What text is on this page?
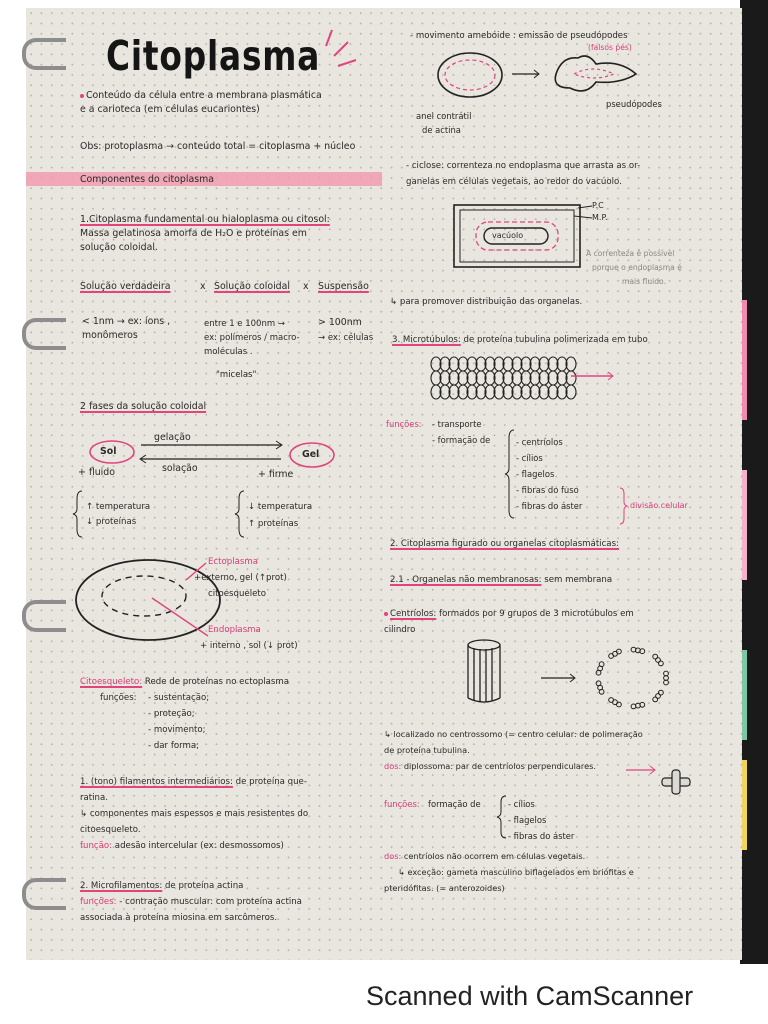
Citoplasma
Conteúdo da célula entre a membrana plasmática
e a carioteca (em células eucariontes)
Obs: protoplasma → conteúdo total = citoplasma + núcleo
Componentes do citoplasma
1.Citoplasma fundamental ou hialoplasma ou citosol:
Massa gelatinosa amorfa de H₂O e proteínas em
solução coloidal.
Solução verdadeira	x Solução coloidal x Suspensão
< 1nm → ex: íons ,
monômeros
entre 1 e 100nm →
ex: polímeros / macro-
moléculas .
"micelas"
> 100nm
→ ex: células
2 fases da solução coloidal
gelação
solação
Sol	Gel
+ fluido	+ firme
↑ temperatura
↓ proteínas
↓ temperatura
↑ proteínas
Ectoplasma
+externo, gel (↑prot)
citoesqueleto
Endoplasma
+ interno , sol (↓ prot)
Citoesqueleto: Rede de proteínas no ectoplasma
funções: - sustentação;
- proteção;
- movimento;
- dar forma;
1. (tono) filamentos intermediários: de proteína que-
ratina.
↳ componentes mais espessos e mais resistentes do
citoesqueleto.
função: adesão intercelular (ex: desmossomos)
2. Microfilamentos: de proteína actina
funções: - contração muscular: com proteína actina
associada à proteína miosina em sarcômeros.
- movimento amebóide : emissão de pseudópodes
(falsos pés)
pseudópodes
anel contrátil
de actina
- ciclose: correnteza no endoplasma que arrasta as or-
ganelas em células vegetais, ao redor do vacúolo.
P.C
M.P.
vacúolo
A correnteza é possível
porque o endoplasma é
mais fluido.
↳ para promover distribuição das organelas.
3. Microtúbulos: de proteína tubulina polimerizada em tubo
funções: - transporte
- formação de	- centríolos
- cílios
- flagelos
- fibras do fuso
- fibras do áster	divisão celular
2. Citoplasma figurado ou organelas citoplasmáticas:
2.1 - Organelas não membranosas: sem membrana
Centríolos: formados por 9 grupos de 3 microtúbulos em
cilindro
↳ localizado no centrossomo (= centro celular: de polimeração
de proteína tubulina.
dos: diplossoma: par de centríolos perpendiculares.
funções: formação de	- cílios
- flagelos
- fibras do áster
dos: centríolos não ocorrem em células vegetais.
↳ exceção: gameta masculino biflagelados em briófitas e
pteridófitas. (= anterozoides)
Scanned with CamScanner
